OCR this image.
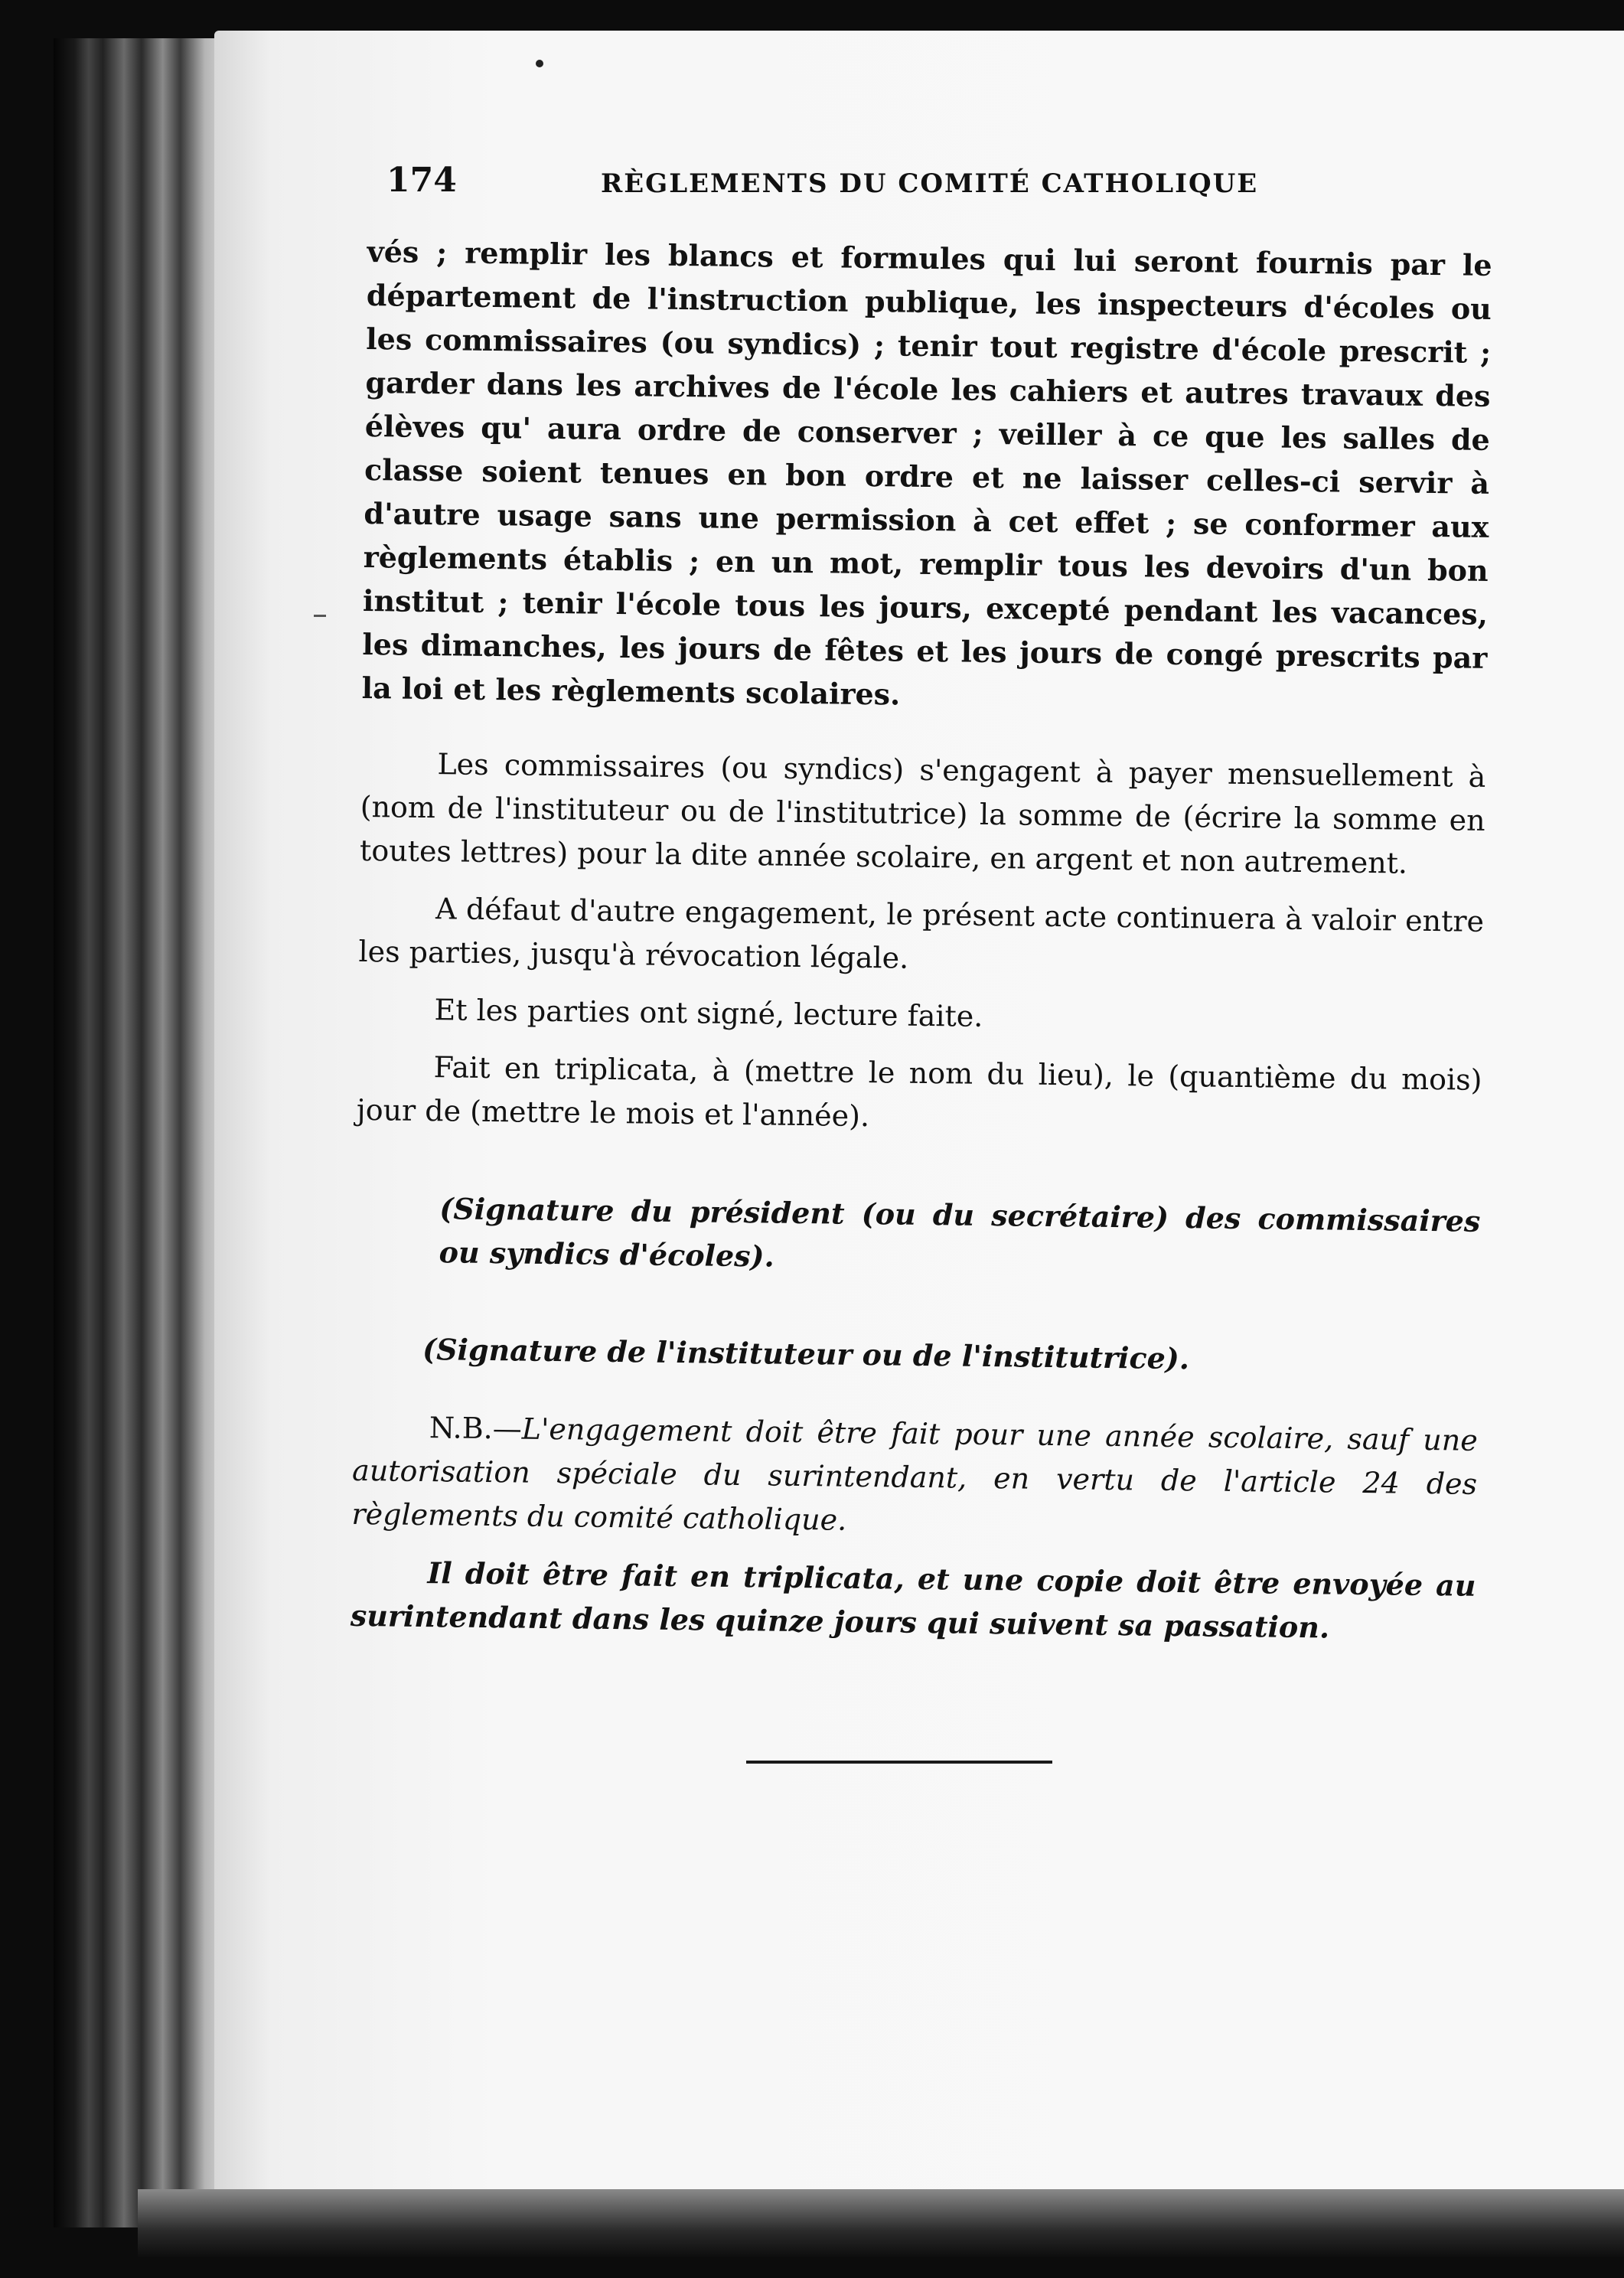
174	RÈGLEMENTS DU COMITÉ CATHOLIQUE

vés ; remplir les blancs et formules qui lui seront fournis par le département de l'instruction publique, les inspecteurs d'écoles ou les commissaires (ou syndics) ; tenir tout registre d'école prescrit ; garder dans les archives de l'école les cahiers et autres travaux des élèves qu' aura ordre de conserver ; veiller à ce que les salles de classe soient tenues en bon ordre et ne laisser celles-ci servir à d'autre usage sans une permission à cet effet ; se conformer aux règlements établis ; en un mot, remplir tous les devoirs d'un bon institut ; tenir l'école tous les jours, excepté pendant les vacances, les dimanches, les jours de fêtes et les jours de congé prescrits par la loi et les règlements scolaires.

Les commissaires (ou syndics) s'engagent à payer mensuellement à (nom de l'instituteur ou de l'institutrice) la somme de (écrire la somme en toutes lettres) pour la dite année scolaire, en argent et non autrement.

A défaut d'autre engagement, le présent acte continuera à valoir entre les parties, jusqu'à révocation légale.

Et les parties ont signé, lecture faite.

Fait en triplicata, à (mettre le nom du lieu), le (quantième du mois) jour de (mettre le mois et l'année).

(Signature du président (ou du secrétaire) des commissaires ou syndics d'écoles).

(Signature de l'instituteur ou de l'institutrice).

N.B.—L'engagement doit être fait pour une année scolaire, sauf une autorisation spéciale du surintendant, en vertu de l'article 24 des règlements du comité catholique.

Il doit être fait en triplicata, et une copie doit être envoyée au surintendant dans les quinze jours qui suivent sa passation.
